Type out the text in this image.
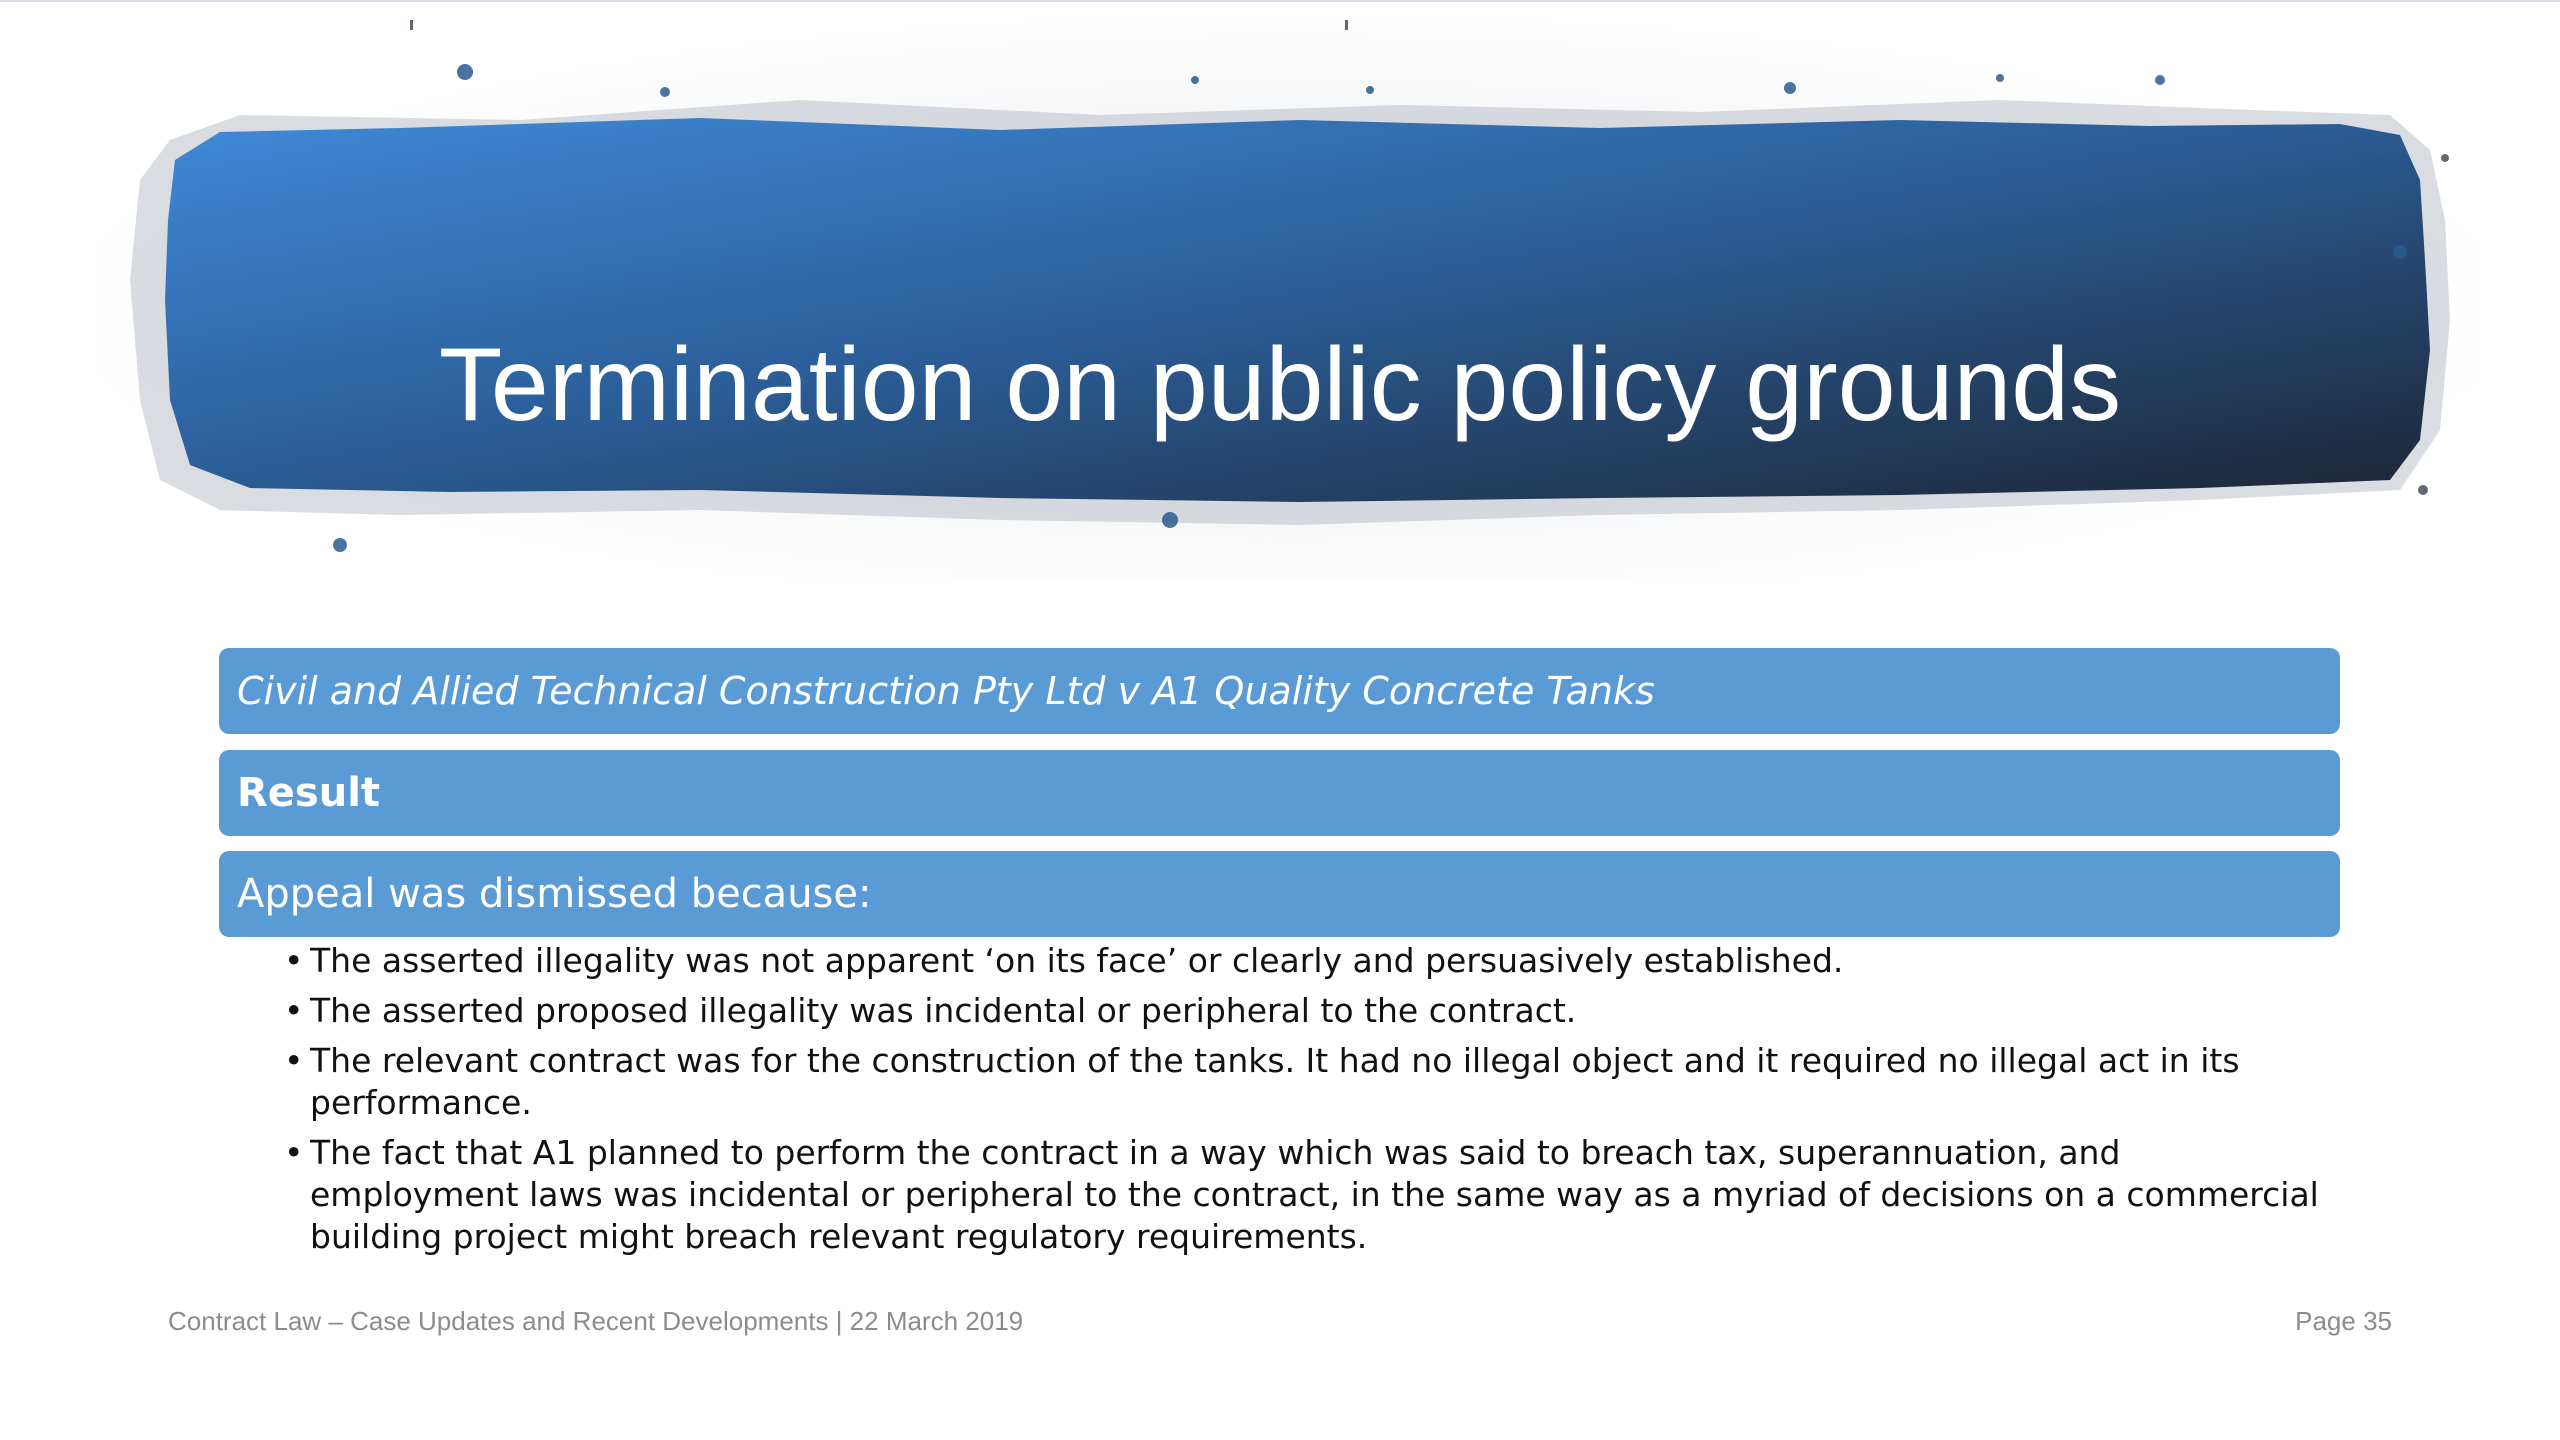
Termination on public policy grounds
Civil and Allied Technical Construction Pty Ltd v A1 Quality Concrete Tanks
Result
Appeal was dismissed because:
• The asserted illegality was not apparent ‘on its face’ or clearly and persuasively established.
• The asserted proposed illegality was incidental or peripheral to the contract.
• The relevant contract was for the construction of the tanks. It had no illegal object and it required no illegal act in its performance.
• The fact that A1 planned to perform the contract in a way which was said to breach tax, superannuation, and employment laws was incidental or peripheral to the contract, in the same way as a myriad of decisions on a commercial building project might breach relevant regulatory requirements.
Contract Law – Case Updates and Recent Developments | 22 March 2019	Page 35
